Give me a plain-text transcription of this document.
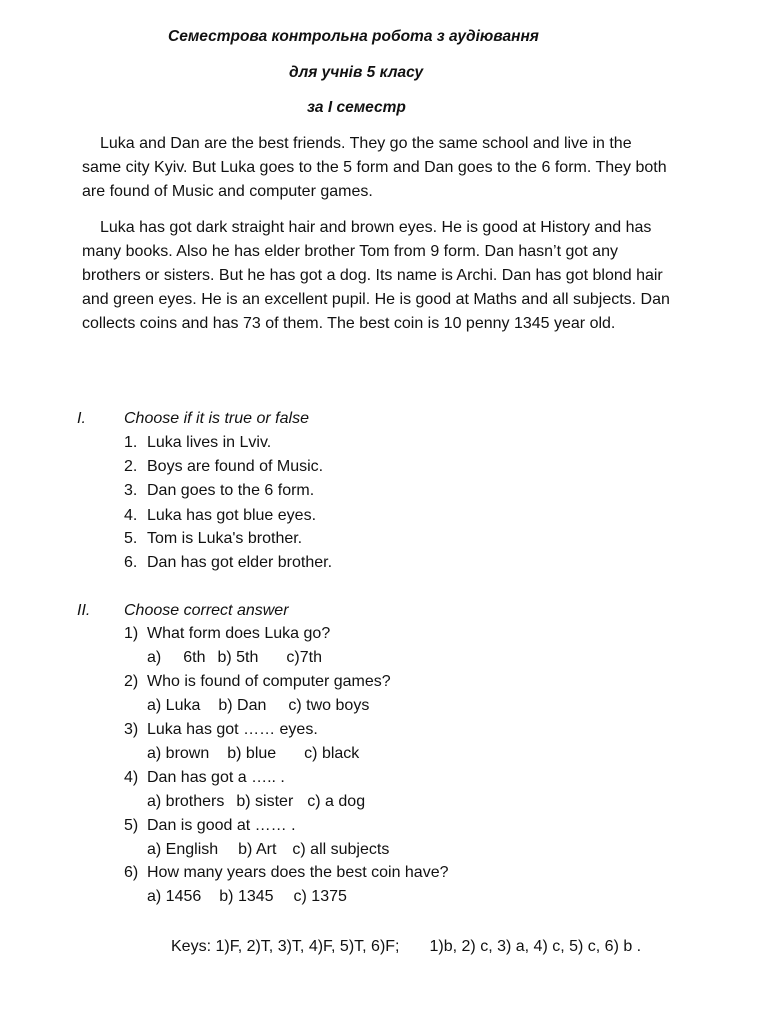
Семестрова контрольна робота з аудіювання
для учнів 5 класу
за І семестр

Luka and Dan are the best friends. They go the same school and live in the same city Kyiv. But Luka goes to the 5 form and Dan goes to the 6 form. They both are found of Music and computer games.

Luka has got dark straight hair and brown eyes. He is good at History and has many books. Also he has elder brother Tom from 9 form. Dan hasn’t got any brothers or sisters. But he has got a dog. Its name is Archi. Dan has got blond hair and green eyes. He is an excellent pupil. He is good at Maths and all subjects. Dan collects coins and has 73 of them. The best coin is 10 penny 1345 year old.

I. Choose if it is true or false
1. Luka lives in Lviv.
2. Boys are found of Music.
3. Dan goes to the 6 form.
4. Luka has got blue eyes.
5. Tom is Luka's brother.
6. Dan has got elder brother.
II. Choose correct answer
1) What form does Luka go?
a) 6th b) 5th c)7th
2) Who is found of computer games?
a) Luka b) Dan c) two boys
3) Luka has got …… eyes.
a) brown b) blue c) black
4) Dan has got a ….. .
a) brothers b) sister c) a dog
5) Dan is good at …… .
a) English b) Art c) all subjects
6) How many years does the best coin have?
a) 1456 b) 1345 c) 1375
Keys: 1)F, 2)T, 3)T, 4)F, 5)T, 6)F; 1)b, 2) c, 3) a, 4) c, 5) c, 6) b .
